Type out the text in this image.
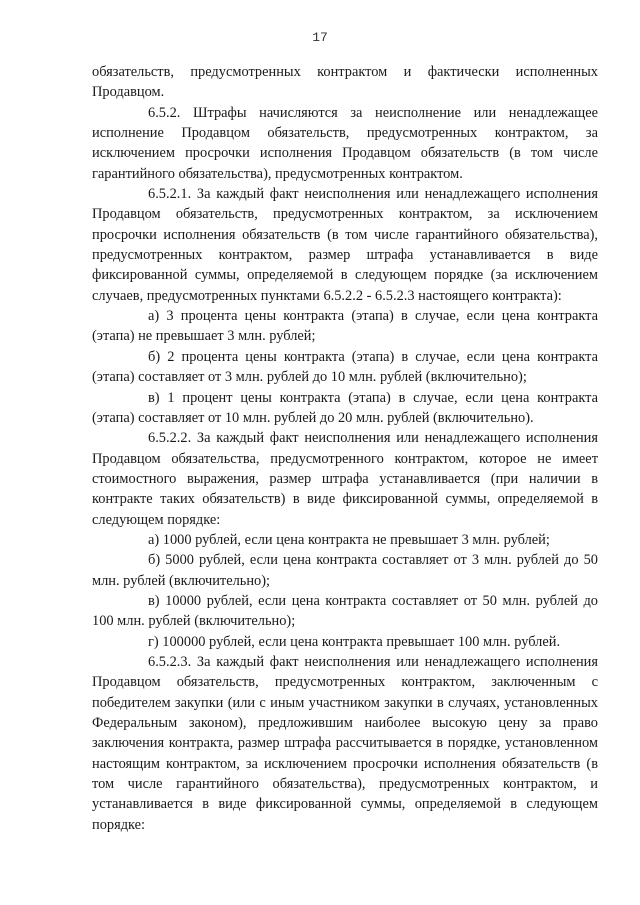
17

обязательств, предусмотренных контрактом и фактически исполненных Продавцом.

6.5.2. Штрафы начисляются за неисполнение или ненадлежащее исполнение Продавцом обязательств, предусмотренных контрактом, за исключением просрочки исполнения Продавцом обязательств (в том числе гарантийного обязательства), предусмотренных контрактом.

6.5.2.1. За каждый факт неисполнения или ненадлежащего исполнения Продавцом обязательств, предусмотренных контрактом, за исключением просрочки исполнения обязательств (в том числе гарантийного обязательства), предусмотренных контрактом, размер штрафа устанавливается в виде фиксированной суммы, определяемой в следующем порядке (за исключением случаев, предусмотренных пунктами 6.5.2.2 - 6.5.2.3 настоящего контракта):

а) 3 процента цены контракта (этапа) в случае, если цена контракта (этапа) не превышает 3 млн. рублей;

б) 2 процента цены контракта (этапа) в случае, если цена контракта (этапа) составляет от 3 млн. рублей до 10 млн. рублей (включительно);

в) 1 процент цены контракта (этапа) в случае, если цена контракта (этапа) составляет от 10 млн. рублей до 20 млн. рублей (включительно).

6.5.2.2. За каждый факт неисполнения или ненадлежащего исполнения Продавцом обязательства, предусмотренного контрактом, которое не имеет стоимостного выражения, размер штрафа устанавливается (при наличии в контракте таких обязательств) в виде фиксированной суммы, определяемой в следующем порядке:

а) 1000 рублей, если цена контракта не превышает 3 млн. рублей;

б) 5000 рублей, если цена контракта составляет от 3 млн. рублей до 50 млн. рублей (включительно);

в) 10000 рублей, если цена контракта составляет от 50 млн. рублей до 100 млн. рублей (включительно);

г) 100000 рублей, если цена контракта превышает 100 млн. рублей.

6.5.2.3. За каждый факт неисполнения или ненадлежащего исполнения Продавцом обязательств, предусмотренных контрактом, заключенным с победителем закупки (или с иным участником закупки в случаях, установленных Федеральным законом), предложившим наиболее высокую цену за право заключения контракта, размер штрафа рассчитывается в порядке, установленном настоящим контрактом, за исключением просрочки исполнения обязательств (в том числе гарантийного обязательства), предусмотренных контрактом, и устанавливается в виде фиксированной суммы, определяемой в следующем порядке:
